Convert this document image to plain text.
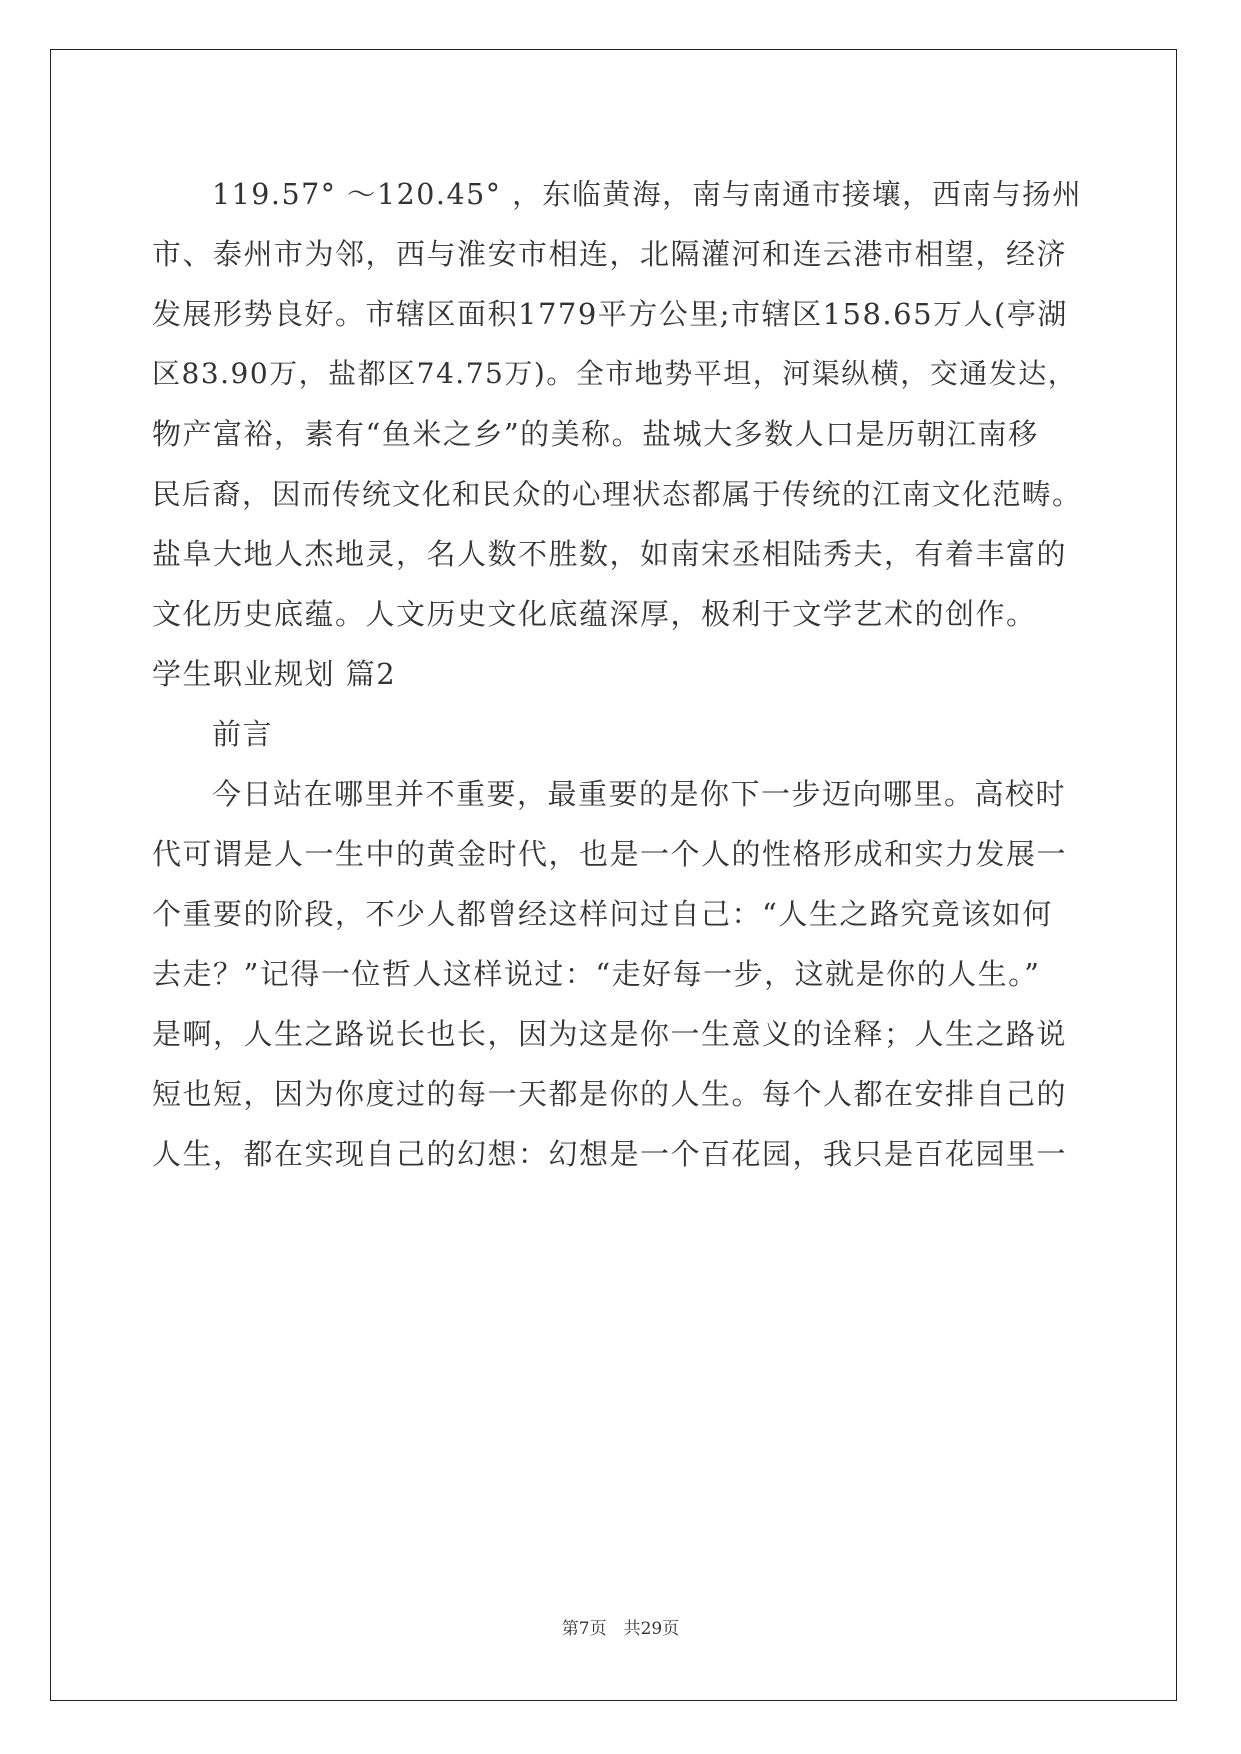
119.57° ～120.45° ，东临黄海，南与南通市接壤，西南与扬州
市、泰州市为邻，西与淮安市相连，北隔灌河和连云港市相望，经济
发展形势良好。市辖区面积1779平方公里;市辖区158.65万人(亭湖
区83.90万，盐都区74.75万)。全市地势平坦，河渠纵横，交通发达，
物产富裕，素有“鱼米之乡”的美称。盐城大多数人口是历朝江南移
民后裔，因而传统文化和民众的心理状态都属于传统的江南文化范畴。
盐阜大地人杰地灵，名人数不胜数，如南宋丞相陆秀夫，有着丰富的
文化历史底蕴。人文历史文化底蕴深厚，极利于文学艺术的创作。
学生职业规划 篇2
前言
今日站在哪里并不重要，最重要的是你下一步迈向哪里。高校时
代可谓是人一生中的黄金时代，也是一个人的性格形成和实力发展一
个重要的阶段，不少人都曾经这样问过自己：“人生之路究竟该如何
去走？”记得一位哲人这样说过：“走好每一步，这就是你的人生。”
是啊，人生之路说长也长，因为这是你一生意义的诠释；人生之路说
短也短，因为你度过的每一天都是你的人生。每个人都在安排自己的
人生，都在实现自己的幻想：幻想是一个百花园，我只是百花园里一
第7页　共29页
